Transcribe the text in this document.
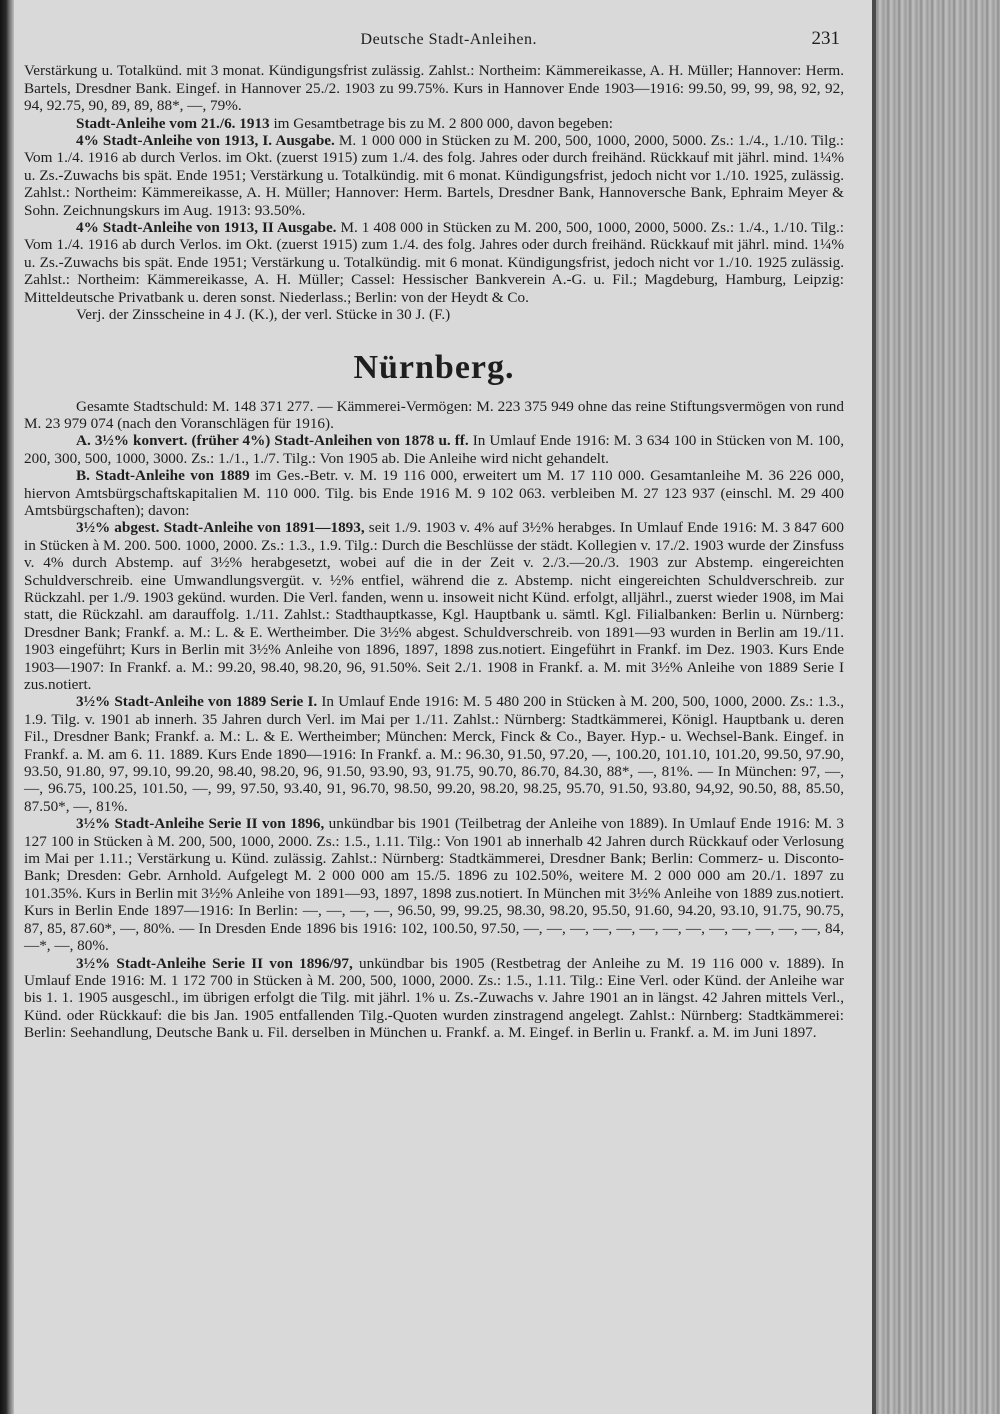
Deutsche Stadt-Anleihen.	231

Verstärkung u. Totalkünd. mit 3 monat. Kündigungsfrist zulässig. Zahlst.: Northeim: Kämmereikasse, A. H. Müller; Hannover: Herm. Bartels, Dresdner Bank. Eingef. in Hannover 25./2. 1903 zu 99.75%. Kurs in Hannover Ende 1903—1916: 99.50, 99, 99, 98, 92, 92, 94, 92.75, 90, 89, 89, 88*, —, 79%.

Stadt-Anleihe vom 21./6. 1913 im Gesamtbetrage bis zu M. 2 800 000, davon begeben:

4% Stadt-Anleihe von 1913, I. Ausgabe. M. 1 000 000 in Stücken zu M. 200, 500, 1000, 2000, 5000. Zs.: 1./4., 1./10. Tilg.: Vom 1./4. 1916 ab durch Verlos. im Okt. (zuerst 1915) zum 1./4. des folg. Jahres oder durch freihänd. Rückkauf mit jährl. mind. 1¼% u. Zs.-Zuwachs bis spät. Ende 1951; Verstärkung u. Totalkündig. mit 6 monat. Kündigungsfrist, jedoch nicht vor 1./10. 1925, zulässig. Zahlst.: Northeim: Kämmereikasse, A. H. Müller; Hannover: Herm. Bartels, Dresdner Bank, Hannoversche Bank, Ephraim Meyer & Sohn. Zeichnungskurs im Aug. 1913: 93.50%.

4% Stadt-Anleihe von 1913, II Ausgabe. M. 1 408 000 in Stücken zu M. 200, 500, 1000, 2000, 5000. Zs.: 1./4., 1./10. Tilg.: Vom 1./4. 1916 ab durch Verlos. im Okt. (zuerst 1915) zum 1./4. des folg. Jahres oder durch freihänd. Rückkauf mit jährl. mind. 1¼% u. Zs.-Zuwachs bis spät. Ende 1951; Verstärkung u. Totalkündig. mit 6 monat. Kündigungsfrist, jedoch nicht vor 1./10. 1925 zulässig. Zahlst.: Northeim: Kämmereikasse, A. H. Müller; Cassel: Hessischer Bankverein A.-G. u. Fil.; Magdeburg, Hamburg, Leipzig: Mitteldeutsche Privatbank u. deren sonst. Niederlass.; Berlin: von der Heydt & Co.

Verj. der Zinsscheine in 4 J. (K.), der verl. Stücke in 30 J. (F.)

Nürnberg.

Gesamte Stadtschuld: M. 148 371 277. — Kämmerei-Vermögen: M. 223 375 949 ohne das reine Stiftungsvermögen von rund M. 23 979 074 (nach den Voranschlägen für 1916).

A. 3½% konvert. (früher 4%) Stadt-Anleihen von 1878 u. ff. In Umlauf Ende 1916: M. 3 634 100 in Stücken von M. 100, 200, 300, 500, 1000, 3000. Zs.: 1./1., 1./7. Tilg.: Von 1905 ab. Die Anleihe wird nicht gehandelt.

B. Stadt-Anleihe von 1889 im Ges.-Betr. v. M. 19 116 000, erweitert um M. 17 110 000. Gesamtanleihe M. 36 226 000, hiervon Amtsbürgschaftskapitalien M. 110 000. Tilg. bis Ende 1916 M. 9 102 063. verbleiben M. 27 123 937 (einschl. M. 29 400 Amtsbürgschaften); davon:

3½% abgest. Stadt-Anleihe von 1891—1893, seit 1./9. 1903 v. 4% auf 3½% herabges. In Umlauf Ende 1916: M. 3 847 600 in Stücken à M. 200. 500. 1000, 2000. Zs.: 1.3., 1.9. Tilg.: Durch die Beschlüsse der städt. Kollegien v. 17./2. 1903 wurde der Zinsfuss v. 4% durch Abstemp. auf 3½% herabgesetzt, wobei auf die in der Zeit v. 2./3.—20./3. 1903 zur Abstemp. eingereichten Schuldverschreib. eine Umwandlungsvergüt. v. ½% entfiel, während die z. Abstemp. nicht eingereichten Schuldverschreib. zur Rückzahl. per 1./9. 1903 gekünd. wurden. Die Verl. fanden, wenn u. insoweit nicht Künd. erfolgt, alljährl., zuerst wieder 1908, im Mai statt, die Rückzahl. am darauffolg. 1./11. Zahlst.: Stadthauptkasse, Kgl. Hauptbank u. sämtl. Kgl. Filialbanken: Berlin u. Nürnberg: Dresdner Bank; Frankf. a. M.: L. & E. Wertheimber. Die 3½% abgest. Schuldverschreib. von 1891—93 wurden in Berlin am 19./11. 1903 eingeführt; Kurs in Berlin mit 3½% Anleihe von 1896, 1897, 1898 zus.notiert. Eingeführt in Frankf. im Dez. 1903. Kurs Ende 1903—1907: In Frankf. a. M.: 99.20, 98.40, 98.20, 96, 91.50%. Seit 2./1. 1908 in Frankf. a. M. mit 3½% Anleihe von 1889 Serie I zus.notiert.

3½% Stadt-Anleihe von 1889 Serie I. In Umlauf Ende 1916: M. 5 480 200 in Stücken à M. 200, 500, 1000, 2000. Zs.: 1.3., 1.9. Tilg. v. 1901 ab innerh. 35 Jahren durch Verl. im Mai per 1./11. Zahlst.: Nürnberg: Stadtkämmerei, Königl. Hauptbank u. deren Fil., Dresdner Bank; Frankf. a. M.: L. & E. Wertheimber; München: Merck, Finck & Co., Bayer. Hyp.- u. Wechsel-Bank. Eingef. in Frankf. a. M. am 6. 11. 1889. Kurs Ende 1890—1916: In Frankf. a. M.: 96.30, 91.50, 97.20, —, 100.20, 101.10, 101.20, 99.50, 97.90, 93.50, 91.80, 97, 99.10, 99.20, 98.40, 98.20, 96, 91.50, 93.90, 93, 91.75, 90.70, 86.70, 84.30, 88*, —, 81%. — In München: 97, —, —, 96.75, 100.25, 101.50, —, 99, 97.50, 93.40, 91, 96.70, 98.50, 99.20, 98.20, 98.25, 95.70, 91.50, 93.80, 94,92, 90.50, 88, 85.50, 87.50*, —, 81%.

3½% Stadt-Anleihe Serie II von 1896, unkündbar bis 1901 (Teilbetrag der Anleihe von 1889). In Umlauf Ende 1916: M. 3 127 100 in Stücken à M. 200, 500, 1000, 2000. Zs.: 1.5., 1.11. Tilg.: Von 1901 ab innerhalb 42 Jahren durch Rückkauf oder Verlosung im Mai per 1.11.; Verstärkung u. Künd. zulässig. Zahlst.: Nürnberg: Stadtkämmerei, Dresdner Bank; Berlin: Commerz- u. Disconto-Bank; Dresden: Gebr. Arnhold. Aufgelegt M. 2 000 000 am 15./5. 1896 zu 102.50%, weitere M. 2 000 000 am 20./1. 1897 zu 101.35%. Kurs in Berlin mit 3½% Anleihe von 1891—93, 1897, 1898 zus.notiert. In München mit 3½% Anleihe von 1889 zus.notiert. Kurs in Berlin Ende 1897—1916: In Berlin: —, —, —, —, 96.50, 99, 99.25, 98.30, 98.20, 95.50, 91.60, 94.20, 93.10, 91.75, 90.75, 87, 85, 87.60*, —, 80%. — In Dresden Ende 1896 bis 1916: 102, 100.50, 97.50, —, —, —, —, —, —, —, —, —, —, —, —, —, 84, —*, —, 80%.

3½% Stadt-Anleihe Serie II von 1896/97, unkündbar bis 1905 (Restbetrag der Anleihe zu M. 19 116 000 v. 1889). In Umlauf Ende 1916: M. 1 172 700 in Stücken à M. 200, 500, 1000, 2000. Zs.: 1.5., 1.11. Tilg.: Eine Verl. oder Künd. der Anleihe war bis 1. 1. 1905 ausgeschl., im übrigen erfolgt die Tilg. mit jährl. 1% u. Zs.-Zuwachs v. Jahre 1901 an in längst. 42 Jahren mittels Verl., Künd. oder Rückkauf: die bis Jan. 1905 entfallenden Tilg.-Quoten wurden zinstragend angelegt. Zahlst.: Nürnberg: Stadtkämmerei: Berlin: Seehandlung, Deutsche Bank u. Fil. derselben in München u. Frankf. a. M. Eingef. in Berlin u. Frankf. a. M. im Juni 1897.
